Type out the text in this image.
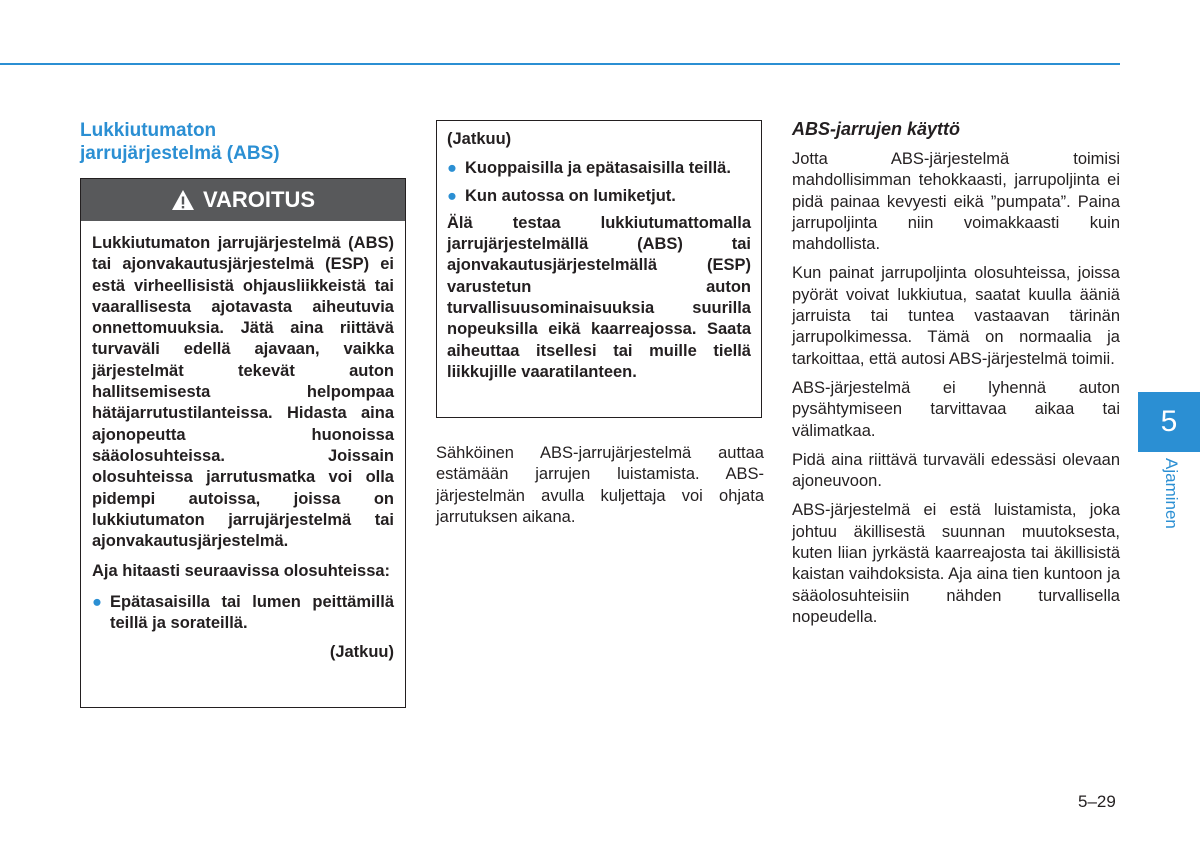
Lukkiutumaton
jarrujärjestelmä (ABS)
VAROITUS

Lukkiutumaton jarrujärjestelmä (ABS) tai ajonvakautusjärjestelmä (ESP) ei estä virheellisistä ohjausliikkeistä tai vaarallisesta ajotavasta aiheutuvia onnettomuuksia. Jätä aina riittävä turvaväli edellä ajavaan, vaikka järjestelmät tekevät auton hallitsemisesta helpompaa hätäjarrutustilanteissa. Hidasta aina ajonopeutta huonoissa sääolosuhteissa. Joissain olosuhteissa jarrutusmatka voi olla pidempi autoissa, joissa on lukkiutumaton jarrujärjestelmä tai ajonvakautusjärjestelmä.

Aja hitaasti seuraavissa olosuhteissa:

● Epätasaisilla tai lumen peittämillä teillä ja sorateillä.

(Jatkuu)

(Jatkuu)

● Kuoppaisilla ja epätasaisilla teillä.
● Kun autossa on lumiketjut.

Älä testaa lukkiutumattomalla jarrujärjestelmällä (ABS) tai ajonvakautusjärjestelmällä (ESP) varustetun auton turvallisuusominaisuuksia suurilla nopeuksilla eikä kaarreajossa. Saata aiheuttaa itsellesi tai muille tiellä liikkujille vaaratilanteen.

Sähköinen ABS-jarrujärjestelmä auttaa estämään jarrujen luistamista. ABS-järjestelmän avulla kuljettaja voi ohjata jarrutuksen aikana.

ABS-jarrujen käyttö

Jotta ABS-järjestelmä toimisi mahdollisimman tehokkaasti, jarrupoljinta ei pidä painaa kevyesti eikä ”pumpata”. Paina jarrupoljinta niin voimakkaasti kuin mahdollista.

Kun painat jarrupoljinta olosuhteissa, joissa pyörät voivat lukkiutua, saatat kuulla ääniä jarruista tai tuntea vastaavan tärinän jarrupolkimessa. Tämä on normaalia ja tarkoittaa, että autosi ABS-järjestelmä toimii.

ABS-järjestelmä ei lyhennä auton pysähtymiseen tarvittavaa aikaa tai välimatkaa.

Pidä aina riittävä turvaväli edessäsi olevaan ajoneuvoon.

ABS-järjestelmä ei estä luistamista, joka johtuu äkillisestä suunnan muutoksesta, kuten liian jyrkästä kaarreajosta tai äkillisistä kaistan vaihdoksista. Aja aina tien kuntoon ja sääolosuhteisiin nähden turvallisella nopeudella.

5
Ajaminen
5–29
